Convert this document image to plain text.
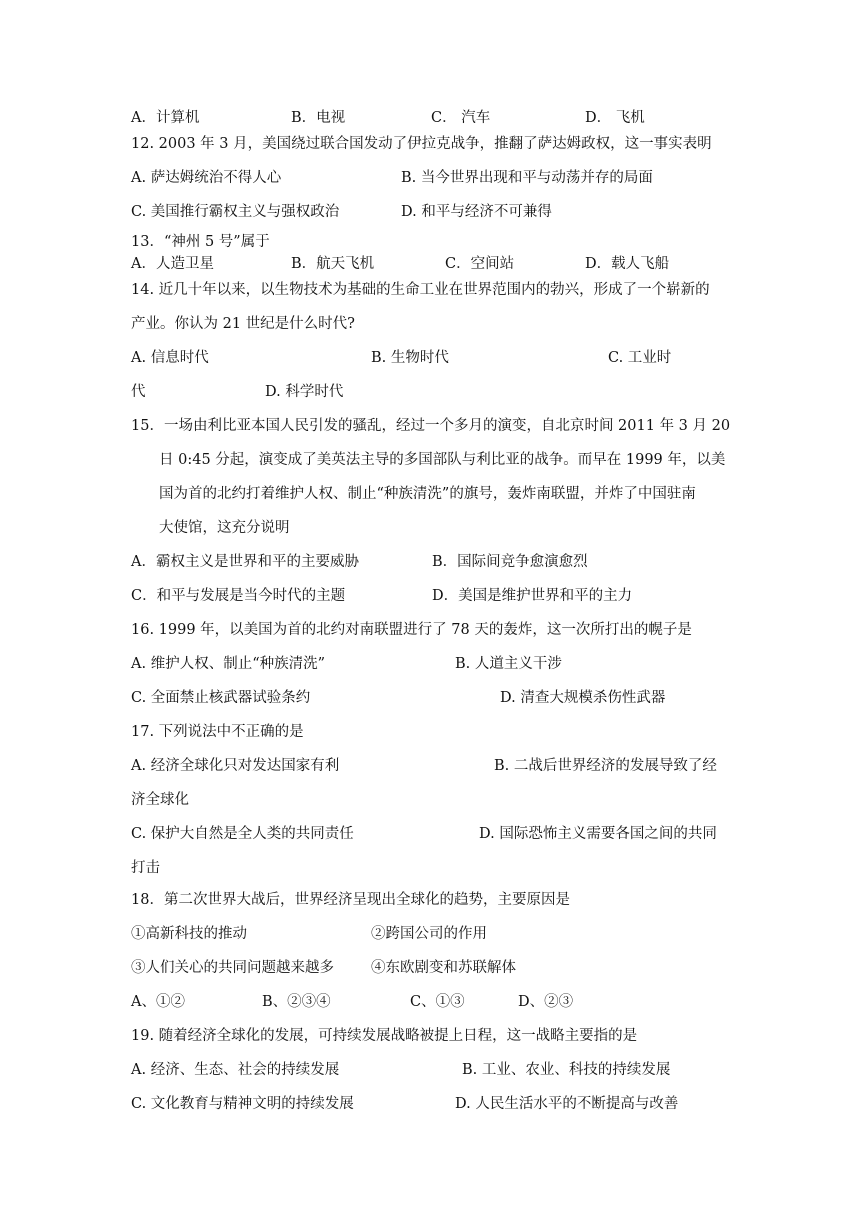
A．计算机	B．电视	C． 汽车	D． 飞机
12. 2003 年 3 月，美国绕过联合国发动了伊拉克战争，推翻了萨达姆政权，这一事实表明
A. 萨达姆统治不得人心	B. 当今世界出现和平与动荡并存的局面
C. 美国推行霸权主义与强权政治	D. 和平与经济不可兼得
13．“神州 5 号”属于
A．人造卫星	B．航天飞机	C．空间站	D．载人飞船
14. 近几十年以来，以生物技术为基础的生命工业在世界范围内的勃兴，形成了一个崭新的
产业。你认为 21 世纪是什么时代?
A. 信息时代	B. 生物时代	C. 工业时
代	D. 科学时代
15．一场由利比亚本国人民引发的骚乱，经过一个多月的演变，自北京时间 2011 年 3 月 20
日 0:45 分起，演变成了美英法主导的多国部队与利比亚的战争。而早在 1999 年，以美
国为首的北约打着维护人权、制止“种族清洗”的旗号，轰炸南联盟，并炸了中国驻南
大使馆，这充分说明
A．霸权主义是世界和平的主要威胁	B．国际间竞争愈演愈烈
C．和平与发展是当今时代的主题	D．美国是维护世界和平的主力
16. 1999 年，以美国为首的北约对南联盟进行了 78 天的轰炸，这一次所打出的幌子是
A. 维护人权、制止“种族清洗”	B. 人道主义干涉
C. 全面禁止核武器试验条约	D. 清查大规模杀伤性武器
17. 下列说法中不正确的是
A. 经济全球化只对发达国家有利	B. 二战后世界经济的发展导致了经
济全球化
C. 保护大自然是全人类的共同责任	D. 国际恐怖主义需要各国之间的共同
打击
18．第二次世界大战后，世界经济呈现出全球化的趋势，主要原因是
①高新科技的推动	②跨国公司的作用
③人们关心的共同问题越来越多	④东欧剧变和苏联解体
A、①②	B、②③④	C、①③	D、②③
19. 随着经济全球化的发展，可持续发展战略被提上日程，这一战略主要指的是
A. 经济、生态、社会的持续发展	B. 工业、农业、科技的持续发展
C. 文化教育与精神文明的持续发展	D. 人民生活水平的不断提高与改善
